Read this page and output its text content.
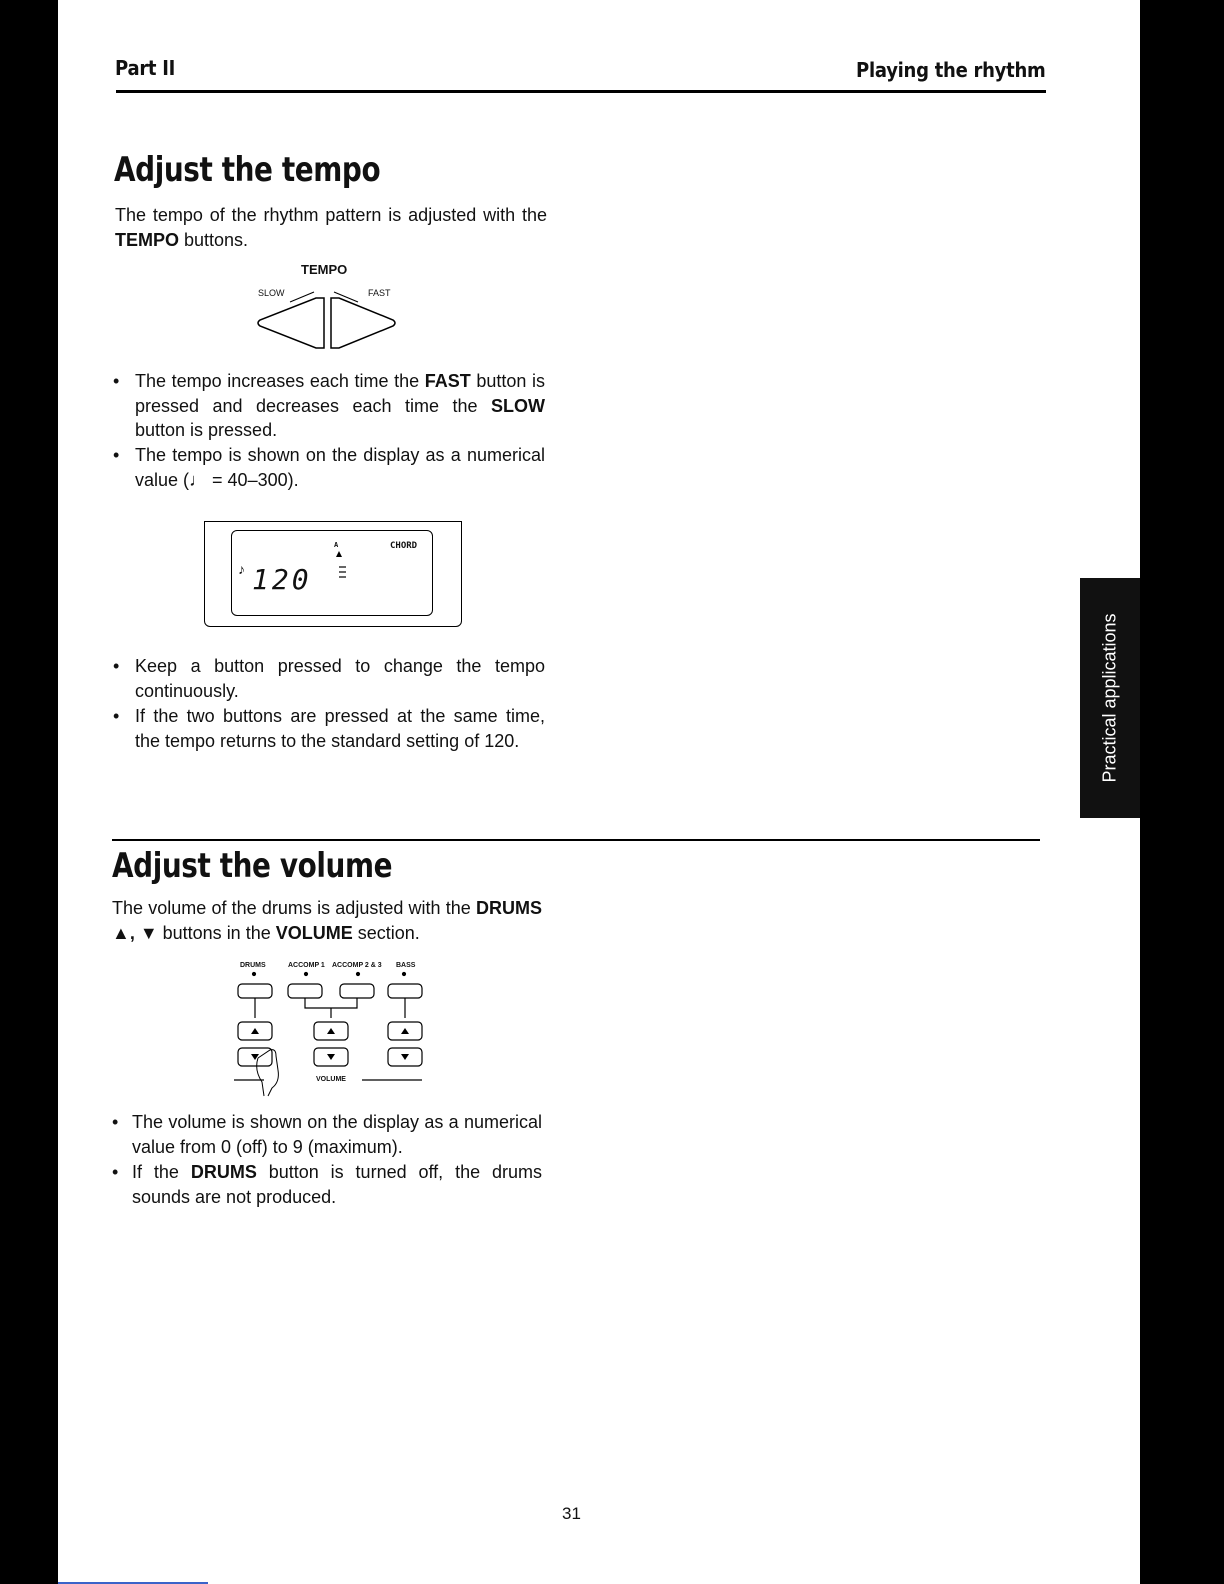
Part II	Playing the rhythm
Adjust the tempo
The tempo of the rhythm pattern is adjusted with the TEMPO buttons.
TEMPO
SLOW	FAST
• The tempo increases each time the FAST button is pressed and decreases each time the SLOW button is pressed.
• The tempo is shown on the display as a numerical value (♩ = 40–300).
A	CHORD
♪ 120
• Keep a button pressed to change the tempo continuously.
• If the two buttons are pressed at the same time, the tempo returns to the standard setting of 120.	Practical applications
Adjust the volume
The volume of the drums is adjusted with the DRUMS ▲, ▼ buttons in the VOLUME section.
DRUMS	ACCOMP 1 ACCOMP 2 & 3 BASS
VOLUME
• The volume is shown on the display as a numerical value from 0 (off) to 9 (maximum).
• If the DRUMS button is turned off, the drums sounds are not produced.
31
